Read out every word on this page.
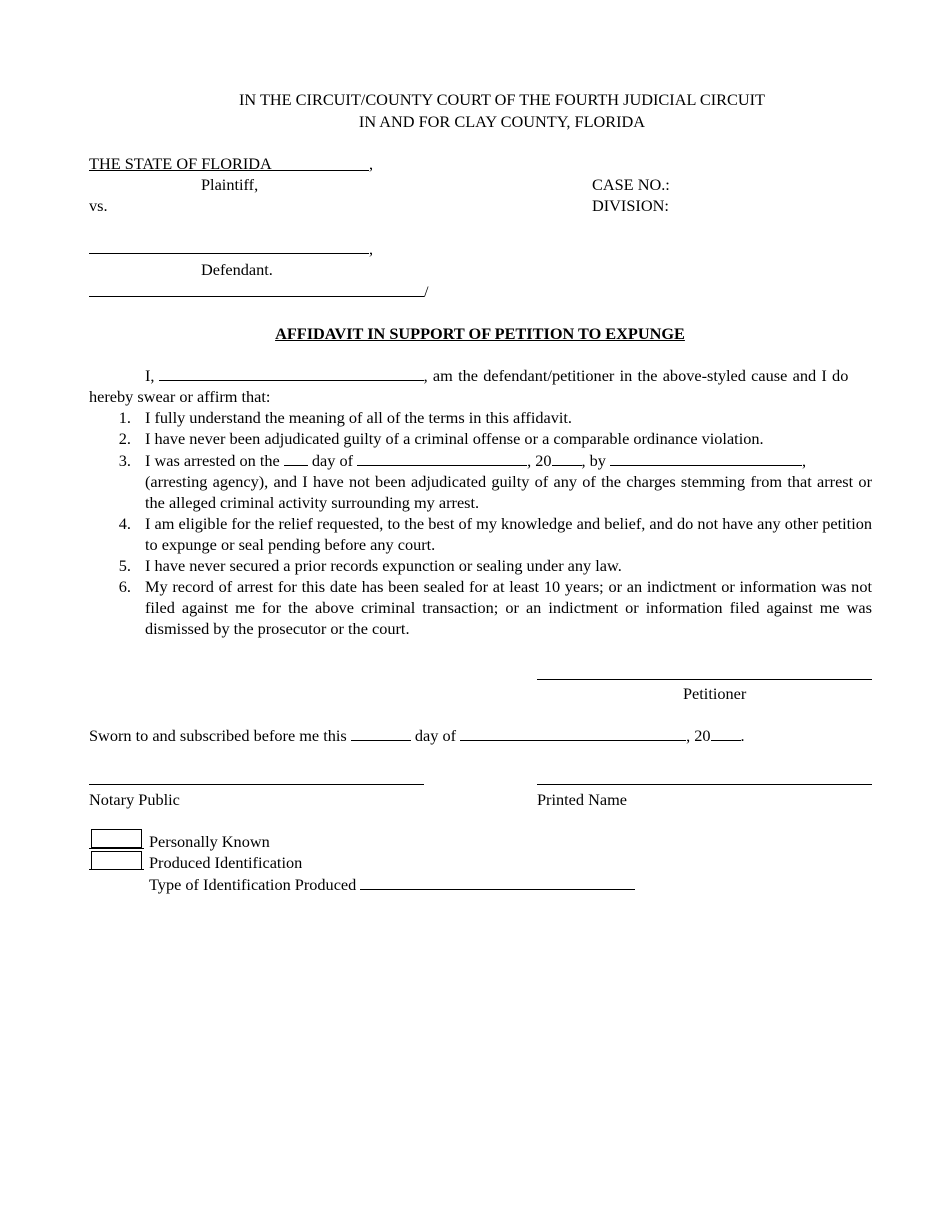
IN THE CIRCUIT/COUNTY COURT OF THE FOURTH JUDICIAL CIRCUIT
IN AND FOR CLAY COUNTY, FLORIDA
THE STATE OF FLORIDA	,
Plaintiff,
vs.
,
Defendant.
/
CASE NO.:
DIVISION:
AFFIDAVIT IN SUPPORT OF PETITION TO EXPUNGE
I,	, am the defendant/petitioner in the above-styled cause and I do
hereby swear or affirm that:
1. I fully understand the meaning of all of the terms in this affidavit.
2. I have never been adjudicated guilty of a criminal offense or a comparable ordinance violation.
3. I was arrested on the day of	, 20 , by	,
(arresting agency), and I have not been adjudicated guilty of any of the charges stemming from that arrest or the alleged criminal activity surrounding my arrest.
4. I am eligible for the relief requested, to the best of my knowledge and belief, and do not have any other petition to expunge or seal pending before any court.
5. I have never secured a prior records expunction or sealing under any law.
6. My record of arrest for this date has been sealed for at least 10 years; or an indictment or information was not filed against me for the above criminal transaction; or an indictment or information filed against me was dismissed by the prosecutor or the court.
Petitioner
Sworn to and subscribed before me this	day of	, 20 .
Notary Public	Printed Name
Personally Known
Produced Identification
Type of Identification Produced
